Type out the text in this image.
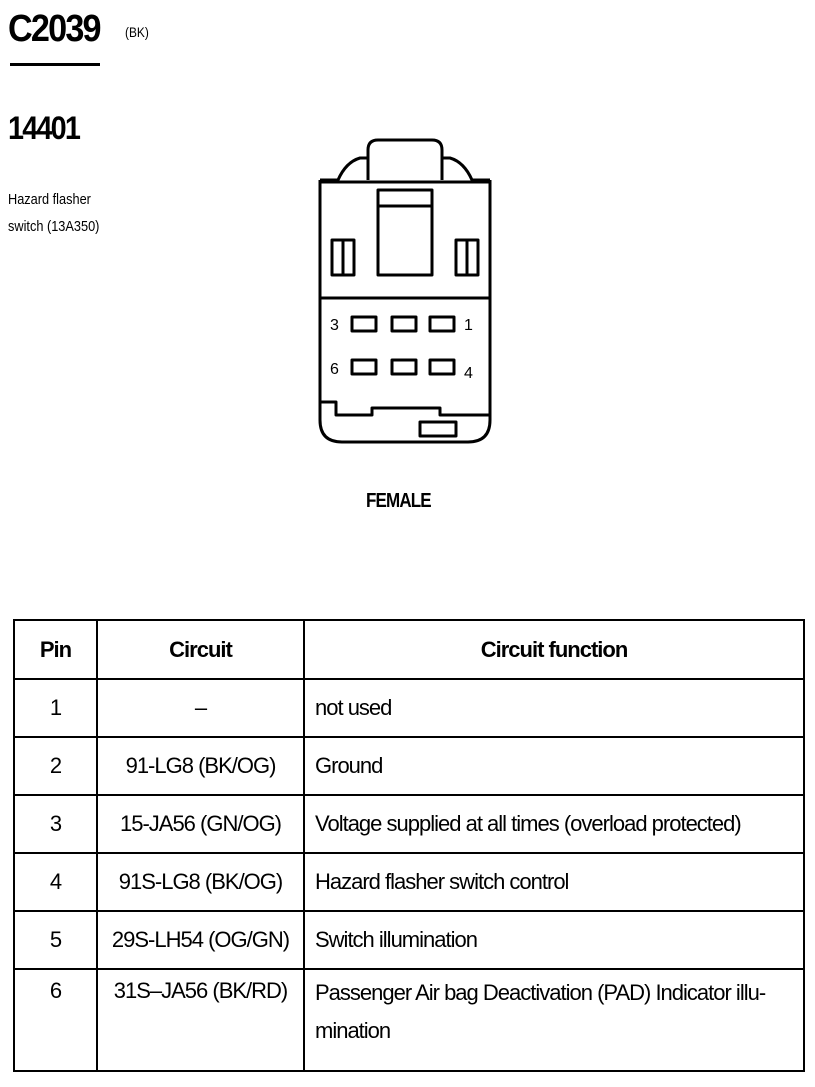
C2039 (BK)
14401
Hazard flasher
switch (13A350)
3	1
6	4
FEMALE
Pin	Circuit	Circuit function
1	–	not used
2	91-LG8 (BK/OG)	Ground
3	15-JA56 (GN/OG)	Voltage supplied at all times (overload protected)
4	91S-LG8 (BK/OG)	Hazard flasher switch control
5	29S-LH54 (OG/GN)	Switch illumination
6	31S–JA56 (BK/RD)	Passenger Air bag Deactivation (PAD) Indicator illu-mination
